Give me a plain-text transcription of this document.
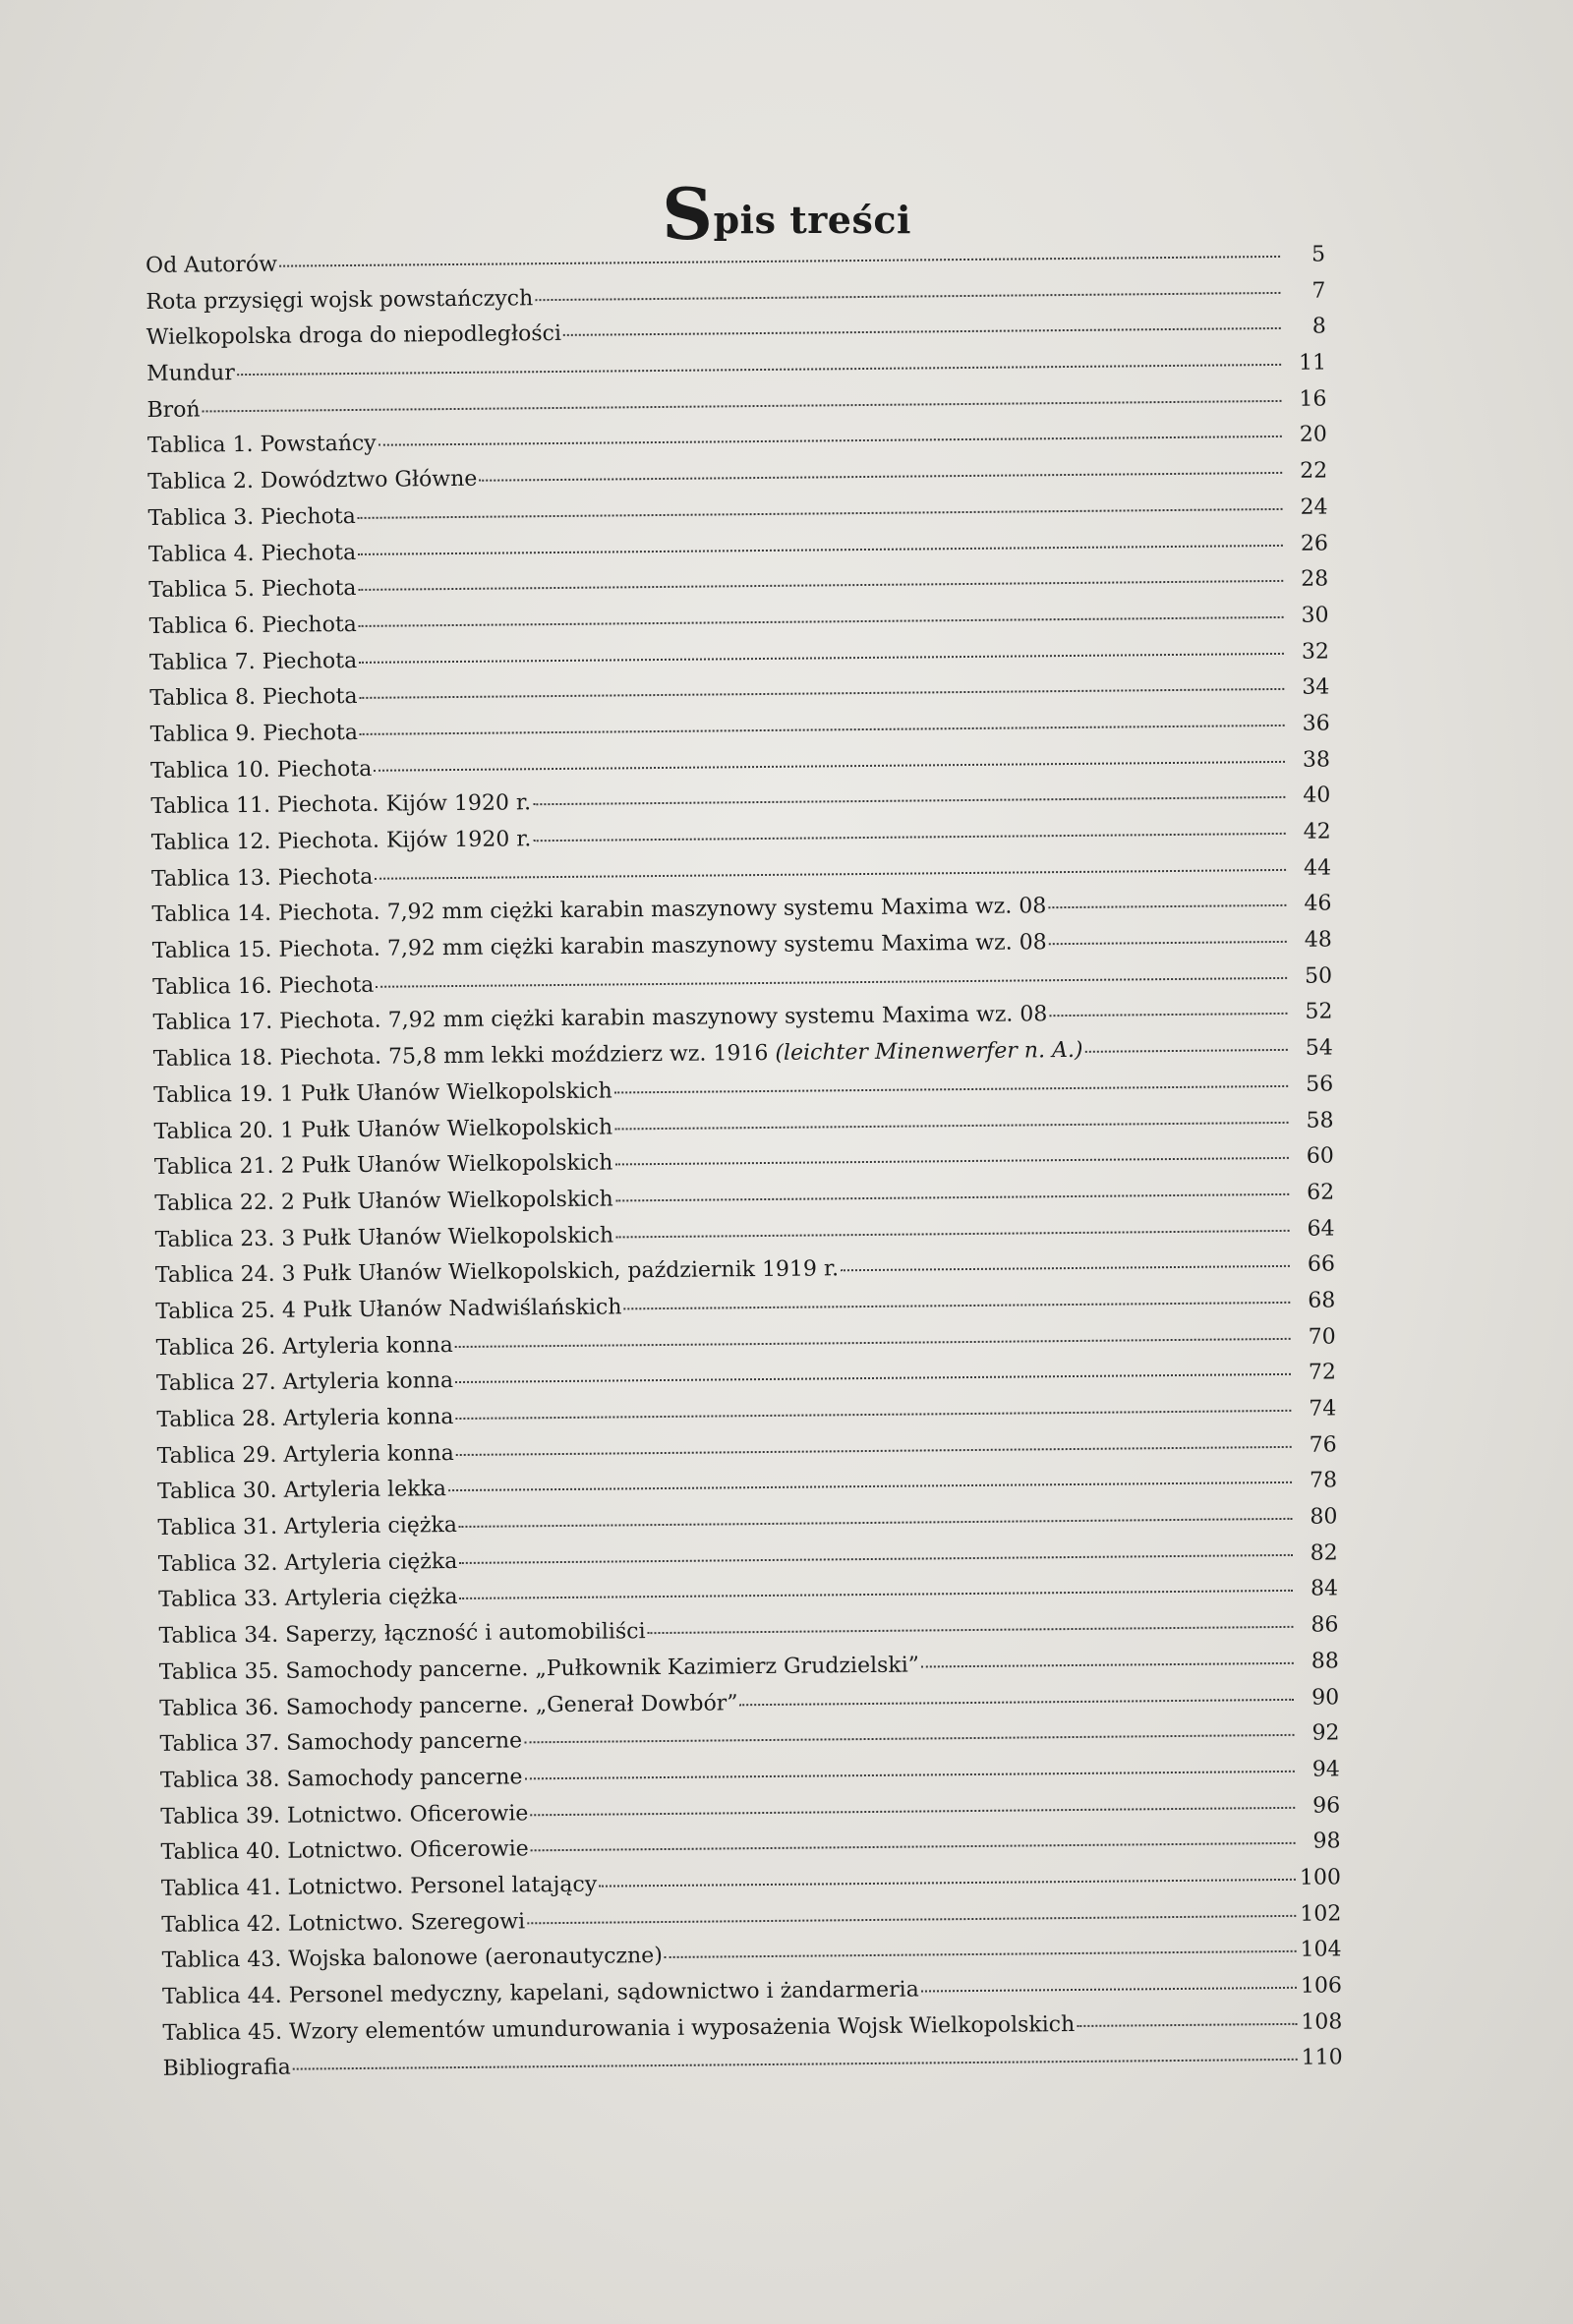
Spis treści
Od Autorów	5
Rota przysięgi wojsk powstańczych	7
Wielkopolska droga do niepodległości	8
Mundur	11
Broń	16
Tablica 1. Powstańcy	20
Tablica 2. Dowództwo Główne	22
Tablica 3. Piechota	24
Tablica 4. Piechota	26
Tablica 5. Piechota	28
Tablica 6. Piechota	30
Tablica 7. Piechota	32
Tablica 8. Piechota	34
Tablica 9. Piechota	36
Tablica 10. Piechota	38
Tablica 11. Piechota. Kijów 1920 r.	40
Tablica 12. Piechota. Kijów 1920 r.	42
Tablica 13. Piechota	44
Tablica 14. Piechota. 7,92 mm ciężki karabin maszynowy systemu Maxima wz. 08	46
Tablica 15. Piechota. 7,92 mm ciężki karabin maszynowy systemu Maxima wz. 08	48
Tablica 16. Piechota	50
Tablica 17. Piechota. 7,92 mm ciężki karabin maszynowy systemu Maxima wz. 08	52
Tablica 18. Piechota. 75,8 mm lekki moździerz wz. 1916 (leichter Minenwerfer n. A.)	54
Tablica 19. 1 Pułk Ułanów Wielkopolskich	56
Tablica 20. 1 Pułk Ułanów Wielkopolskich	58
Tablica 21. 2 Pułk Ułanów Wielkopolskich	60
Tablica 22. 2 Pułk Ułanów Wielkopolskich	62
Tablica 23. 3 Pułk Ułanów Wielkopolskich	64
Tablica 24. 3 Pułk Ułanów Wielkopolskich, październik 1919 r.	66
Tablica 25. 4 Pułk Ułanów Nadwiślańskich	68
Tablica 26. Artyleria konna	70
Tablica 27. Artyleria konna	72
Tablica 28. Artyleria konna	74
Tablica 29. Artyleria konna	76
Tablica 30. Artyleria lekka	78
Tablica 31. Artyleria ciężka	80
Tablica 32. Artyleria ciężka	82
Tablica 33. Artyleria ciężka	84
Tablica 34. Saperzy, łączność i automobiliści	86
Tablica 35. Samochody pancerne. „Pułkownik Kazimierz Grudzielski”	88
Tablica 36. Samochody pancerne. „Generał Dowbór”	90
Tablica 37. Samochody pancerne	92
Tablica 38. Samochody pancerne	94
Tablica 39. Lotnictwo. Oficerowie	96
Tablica 40. Lotnictwo. Oficerowie	98
Tablica 41. Lotnictwo. Personel latający	100
Tablica 42. Lotnictwo. Szeregowi	102
Tablica 43. Wojska balonowe (aeronautyczne)	104
Tablica 44. Personel medyczny, kapelani, sądownictwo i żandarmeria	106
Tablica 45. Wzory elementów umundurowania i wyposażenia Wojsk Wielkopolskich	108
Bibliografia	110
